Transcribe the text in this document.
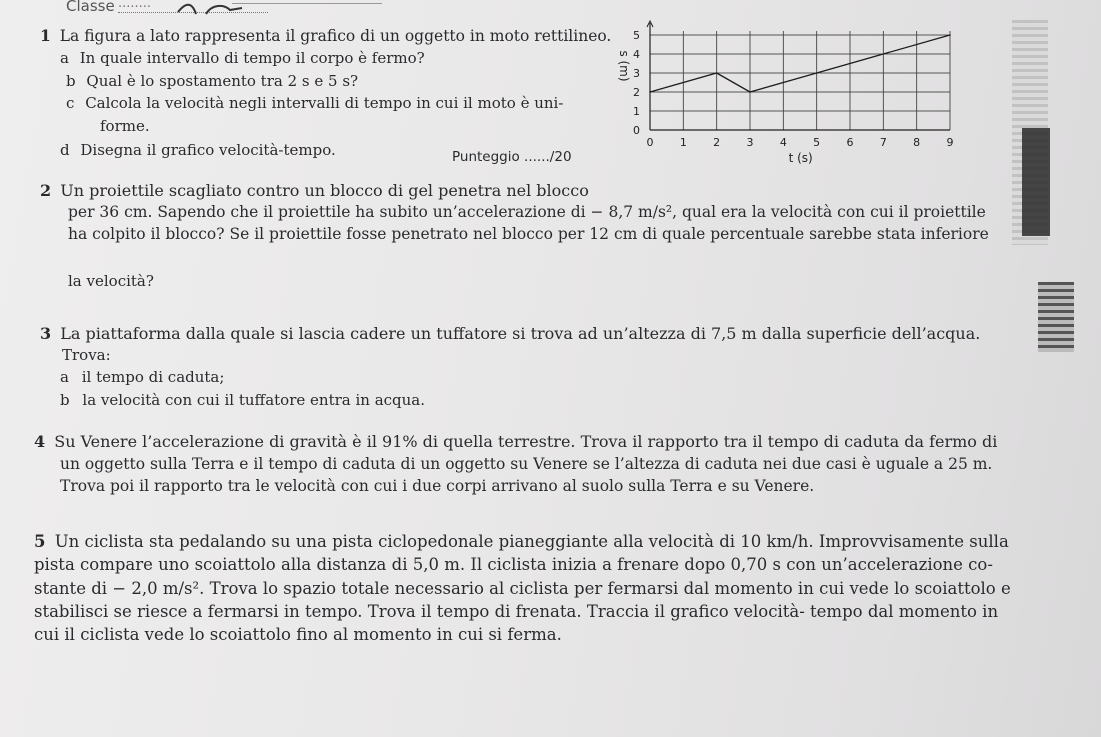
Classe ........
1 La figura a lato rappresenta il grafico di un oggetto in moto rettilineo.
a In quale intervallo di tempo il corpo è fermo?
b Qual è lo spostamento tra 2 s e 5 s?
c Calcola la velocità negli intervalli di tempo in cui il moto è uni-
forme.
d Disegna il grafico velocità-tempo.	Punteggio ....../20
0
1
2
3
4
5
0 1 2 3 4 5 6 7 8 9
s (m)
t (s)
2 Un proiettile scagliato contro un blocco di gel penetra nel blocco
per 36 cm. Sapendo che il proiettile ha subito un’accelerazione di − 8,7 m/s², qual era la velocità con cui il proiettile
ha colpito il blocco? Se il proiettile fosse penetrato nel blocco per 12 cm di quale percentuale sarebbe stata inferiore
la velocità?
3 La piattaforma dalla quale si lascia cadere un tuffatore si trova ad un’altezza di 7,5 m dalla superficie dell’acqua.
Trova:
a il tempo di caduta;
b la velocità con cui il tuffatore entra in acqua.
4 Su Venere l’accelerazione di gravità è il 91% di quella terrestre. Trova il rapporto tra il tempo di caduta da fermo di
un oggetto sulla Terra e il tempo di caduta di un oggetto su Venere se l’altezza di caduta nei due casi è uguale a 25 m.
Trova poi il rapporto tra le velocità con cui i due corpi arrivano al suolo sulla Terra e su Venere.
5 Un ciclista sta pedalando su una pista ciclopedonale pianeggiante alla velocità di 10 km/h. Improvvisamente sulla
pista compare uno scoiattolo alla distanza di 5,0 m. Il ciclista inizia a frenare dopo 0,70 s con un’accelerazione co-
stante di − 2,0 m/s². Trova lo spazio totale necessario al ciclista per fermarsi dal momento in cui vede lo scoiattolo e
stabilisci se riesce a fermarsi in tempo. Trova il tempo di frenata. Traccia il grafico velocità- tempo dal momento in
cui il ciclista vede lo scoiattolo fino al momento in cui si ferma.
